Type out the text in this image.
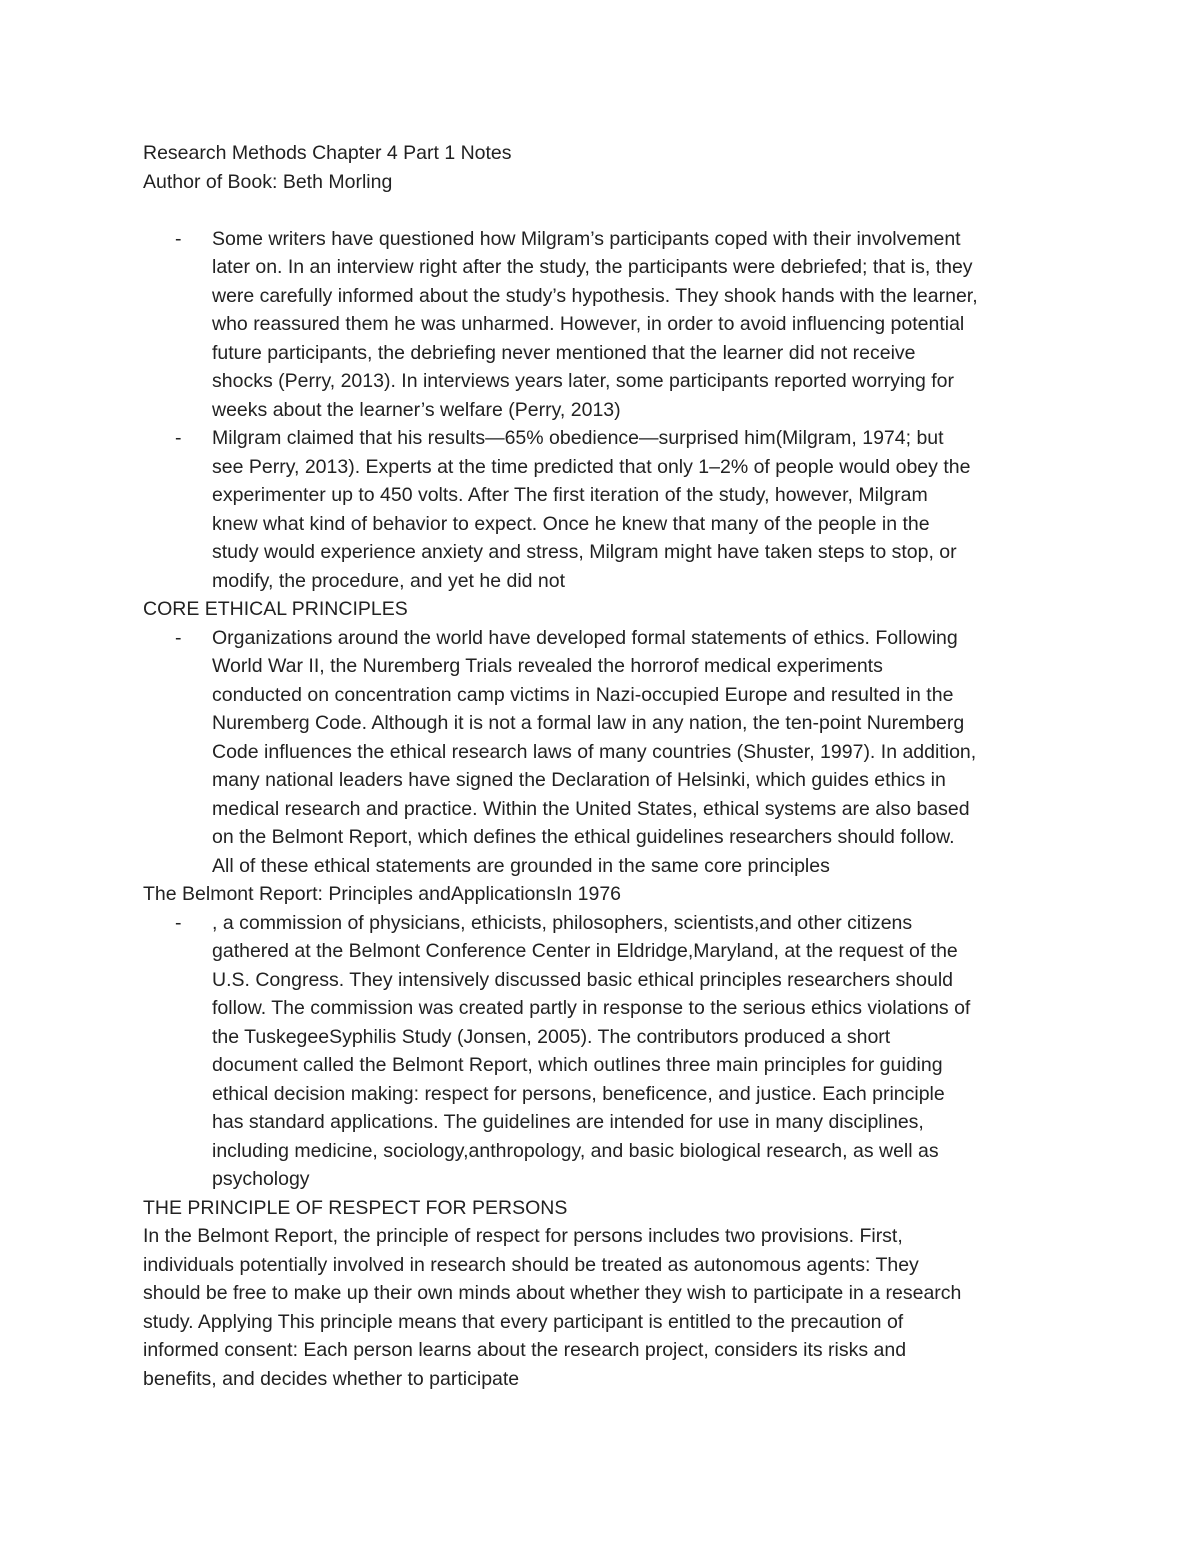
Research Methods Chapter 4 Part 1 Notes
Author of Book: Beth Morling
- Some writers have questioned how Milgram’s participants coped with their involvement
later on. In an interview right after the study, the participants were debriefed; that is, they
were carefully informed about the study’s hypothesis. They shook hands with the learner,
who reassured them he was unharmed. However, in order to avoid influencing potential
future participants, the debriefing never mentioned that the learner did not receive
shocks (Perry, 2013). In interviews years later, some participants reported worrying for
weeks about the learner’s welfare (Perry, 2013)
- Milgram claimed that his results—65% obedience—surprised him(Milgram, 1974; but
see Perry, 2013). Experts at the time predicted that only 1–2% of people would obey the
experimenter up to 450 volts. After The first iteration of the study, however, Milgram
knew what kind of behavior to expect. Once he knew that many of the people in the
study would experience anxiety and stress, Milgram might have taken steps to stop, or
modify, the procedure, and yet he did not
CORE ETHICAL PRINCIPLES
- Organizations around the world have developed formal statements of ethics. Following
World War II, the Nuremberg Trials revealed the horrorof medical experiments
conducted on concentration camp victims in Nazi-occupied Europe and resulted in the
Nuremberg Code. Although it is not a formal law in any nation, the ten-point Nuremberg
Code influences the ethical research laws of many countries (Shuster, 1997). In addition,
many national leaders have signed the Declaration of Helsinki, which guides ethics in
medical research and practice. Within the United States, ethical systems are also based
on the Belmont Report, which defines the ethical guidelines researchers should follow.
All of these ethical statements are grounded in the same core principles
The Belmont Report: Principles andApplicationsIn 1976
- , a commission of physicians, ethicists, philosophers, scientists,and other citizens
gathered at the Belmont Conference Center in Eldridge,Maryland, at the request of the
U.S. Congress. They intensively discussed basic ethical principles researchers should
follow. The commission was created partly in response to the serious ethics violations of
the TuskegeeSyphilis Study (Jonsen, 2005). The contributors produced a short
document called the Belmont Report, which outlines three main principles for guiding
ethical decision making: respect for persons, beneficence, and justice. Each principle
has standard applications. The guidelines are intended for use in many disciplines,
including medicine, sociology,anthropology, and basic biological research, as well as
psychology
THE PRINCIPLE OF RESPECT FOR PERSONS
In the Belmont Report, the principle of respect for persons includes two provisions. First,
individuals potentially involved in research should be treated as autonomous agents: They
should be free to make up their own minds about whether they wish to participate in a research
study. Applying This principle means that every participant is entitled to the precaution of
informed consent: Each person learns about the research project, considers its risks and
benefits, and decides whether to participate
